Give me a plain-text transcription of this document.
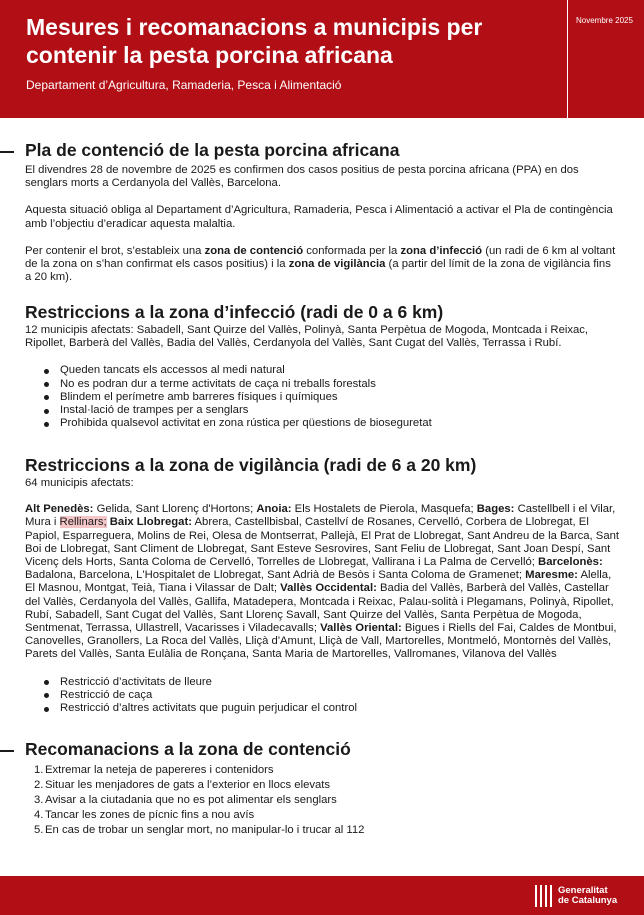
Mesures i recomanacions a municipis per contenir la pesta porcina africana
Departament d’Agricultura, Ramaderia, Pesca i Alimentació
Novembre 2025
Pla de contenció de la pesta porcina africana

El divendres 28 de novembre de 2025 es confirmen dos casos positius de pesta porcina africana (PPA) en dos senglars morts a Cerdanyola del Vallès, Barcelona.

Aquesta situació obliga al Departament d’Agricultura, Ramaderia, Pesca i Alimentació a activar el Pla de contingència amb l’objectiu d’eradicar aquesta malaltia.

Per contenir el brot, s’estableix una zona de contenció conformada per la zona d’infecció (un radi de 6 km al voltant de la zona on s’han confirmat els casos positius) i la zona de vigilància (a partir del límit de la zona de vigilància fins a 20 km).

Restriccions a la zona d’infecció (radi de 0 a 6 km)

12 municipis afectats: Sabadell, Sant Quirze del Vallès, Polinyà, Santa Perpètua de Mogoda, Montcada i Reixac, Ripollet, Barberà del Vallès, Badia del Vallès, Cerdanyola del Vallès, Sant Cugat del Vallès, Terrassa i Rubí.

Queden tancats els accessos al medi natural
No es podran dur a terme activitats de caça ni treballs forestals
Blindem el perímetre amb barreres físiques i químiques
Instal·lació de trampes per a senglars
Prohibida qualsevol activitat en zona rústica per qüestions de bioseguretat
Restriccions a la zona de vigilància (radi de 6 a 20 km)

64 municipis afectats:

Alt Penedès: Gelida, Sant Llorenç d'Hortons; Anoia: Els Hostalets de Pierola, Masquefa; Bages: Castellbell i el Vilar, Mura i Rellinars; Baix Llobregat: Abrera, Castellbisbal, Castellví de Rosanes, Cervelló, Corbera de Llobregat, El Papiol, Esparreguera, Molins de Rei, Olesa de Montserrat, Pallejà, El Prat de Llobregat, Sant Andreu de la Barca, Sant Boi de Llobregat, Sant Climent de Llobregat, Sant Esteve Sesrovires, Sant Feliu de Llobregat, Sant Joan Despí, Sant Vicenç dels Horts, Santa Coloma de Cervelló, Torrelles de Llobregat, Vallirana i La Palma de Cervelló; Barcelonès: Badalona, Barcelona, L'Hospitalet de Llobregat, Sant Adrià de Besòs i Santa Coloma de Gramenet; Maresme: Alella, El Masnou, Montgat, Teià, Tiana i Vilassar de Dalt; Vallès Occidental: Badia del Vallès, Barberà del Vallès, Castellar del Vallès, Cerdanyola del Vallès, Gallifa, Matadepera, Montcada i Reixac, Palau-solità i Plegamans, Polinyà, Ripollet, Rubí, Sabadell, Sant Cugat del Vallès, Sant Llorenç Savall, Sant Quirze del Vallès, Santa Perpètua de Mogoda, Sentmenat, Terrassa, Ullastrell, Vacarisses i Viladecavalls; Vallès Oriental: Bigues i Riells del Fai, Caldes de Montbui, Canovelles, Granollers, La Roca del Vallès, Lliçà d'Amunt, Lliçà de Vall, Martorelles, Montmeló, Montornès del Vallès, Parets del Vallès, Santa Eulàlia de Ronçana, Santa Maria de Martorelles, Vallromanes, Vilanova del Vallès

Restricció d’activitats de lleure
Restricció de caça
Restricció d’altres activitats que puguin perjudicar el control
Recomanacions a la zona de contenció
1. Extremar la neteja de papereres i contenidors
2. Situar les menjadores de gats a l’exterior en llocs elevats
3. Avisar a la ciutadania que no es pot alimentar els senglars
4. Tancar les zones de pícnic fins a nou avís
5. En cas de trobar un senglar mort, no manipular-lo i trucar al 112
Generalitat
de Catalunya
